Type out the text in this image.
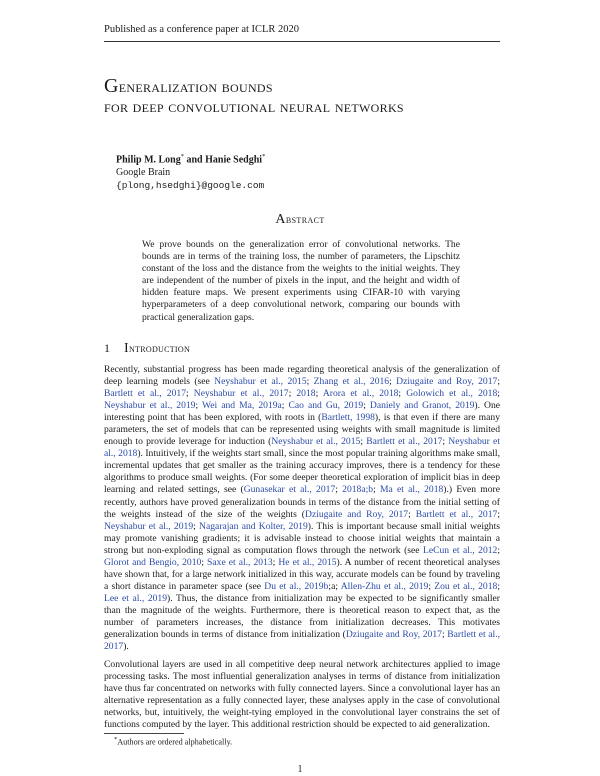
Published as a conference paper at ICLR 2020
Generalization bounds
for deep convolutional neural networks
Philip M. Long* and Hanie Sedghi*
Google Brain
{plong,hsedghi}@google.com
Abstract
We prove bounds on the generalization error of convolutional networks. The bounds are in terms of the training loss, the number of parameters, the Lipschitz constant of the loss and the distance from the weights to the initial weights. They are independent of the number of pixels in the input, and the height and width of hidden feature maps. We present experiments using CIFAR-10 with varying hyperparameters of a deep convolutional network, comparing our bounds with practical generalization gaps.
1 Introduction

Recently, substantial progress has been made regarding theoretical analysis of the generalization of deep learning models (see Neyshabur et al., 2015; Zhang et al., 2016; Dziugaite and Roy, 2017; Bartlett et al., 2017; Neyshabur et al., 2017; 2018; Arora et al., 2018; Golowich et al., 2018; Neyshabur et al., 2019; Wei and Ma, 2019a; Cao and Gu, 2019; Daniely and Granot, 2019). One interesting point that has been explored, with roots in (Bartlett, 1998), is that even if there are many parameters, the set of models that can be represented using weights with small magnitude is limited enough to provide leverage for induction (Neyshabur et al., 2015; Bartlett et al., 2017; Neyshabur et al., 2018). Intuitively, if the weights start small, since the most popular training algorithms make small, incremental updates that get smaller as the training accuracy improves, there is a tendency for these algorithms to produce small weights. (For some deeper theoretical exploration of implicit bias in deep learning and related settings, see (Gunasekar et al., 2017; 2018a;b; Ma et al., 2018).) Even more recently, authors have proved generalization bounds in terms of the distance from the initial setting of the weights instead of the size of the weights (Dziugaite and Roy, 2017; Bartlett et al., 2017; Neyshabur et al., 2019; Nagarajan and Kolter, 2019). This is important because small initial weights may promote vanishing gradients; it is advisable instead to choose initial weights that maintain a strong but non-exploding signal as computation flows through the network (see LeCun et al., 2012; Glorot and Bengio, 2010; Saxe et al., 2013; He et al., 2015). A number of recent theoretical analyses have shown that, for a large network initialized in this way, accurate models can be found by traveling a short distance in parameter space (see Du et al., 2019b;a; Allen-Zhu et al., 2019; Zou et al., 2018; Lee et al., 2019). Thus, the distance from initialization may be expected to be significantly smaller than the magnitude of the weights. Furthermore, there is theoretical reason to expect that, as the number of parameters increases, the distance from initialization decreases. This motivates generalization bounds in terms of distance from initialization (Dziugaite and Roy, 2017; Bartlett et al., 2017).

Convolutional layers are used in all competitive deep neural network architectures applied to image processing tasks. The most influential generalization analyses in terms of distance from initialization have thus far concentrated on networks with fully connected layers. Since a convolutional layer has an alternative representation as a fully connected layer, these analyses apply in the case of convolutional networks, but, intuitively, the weight-tying employed in the convolutional layer constrains the set of functions computed by the layer. This additional restriction should be expected to aid generalization.

*Authors are ordered alphabetically.
1
